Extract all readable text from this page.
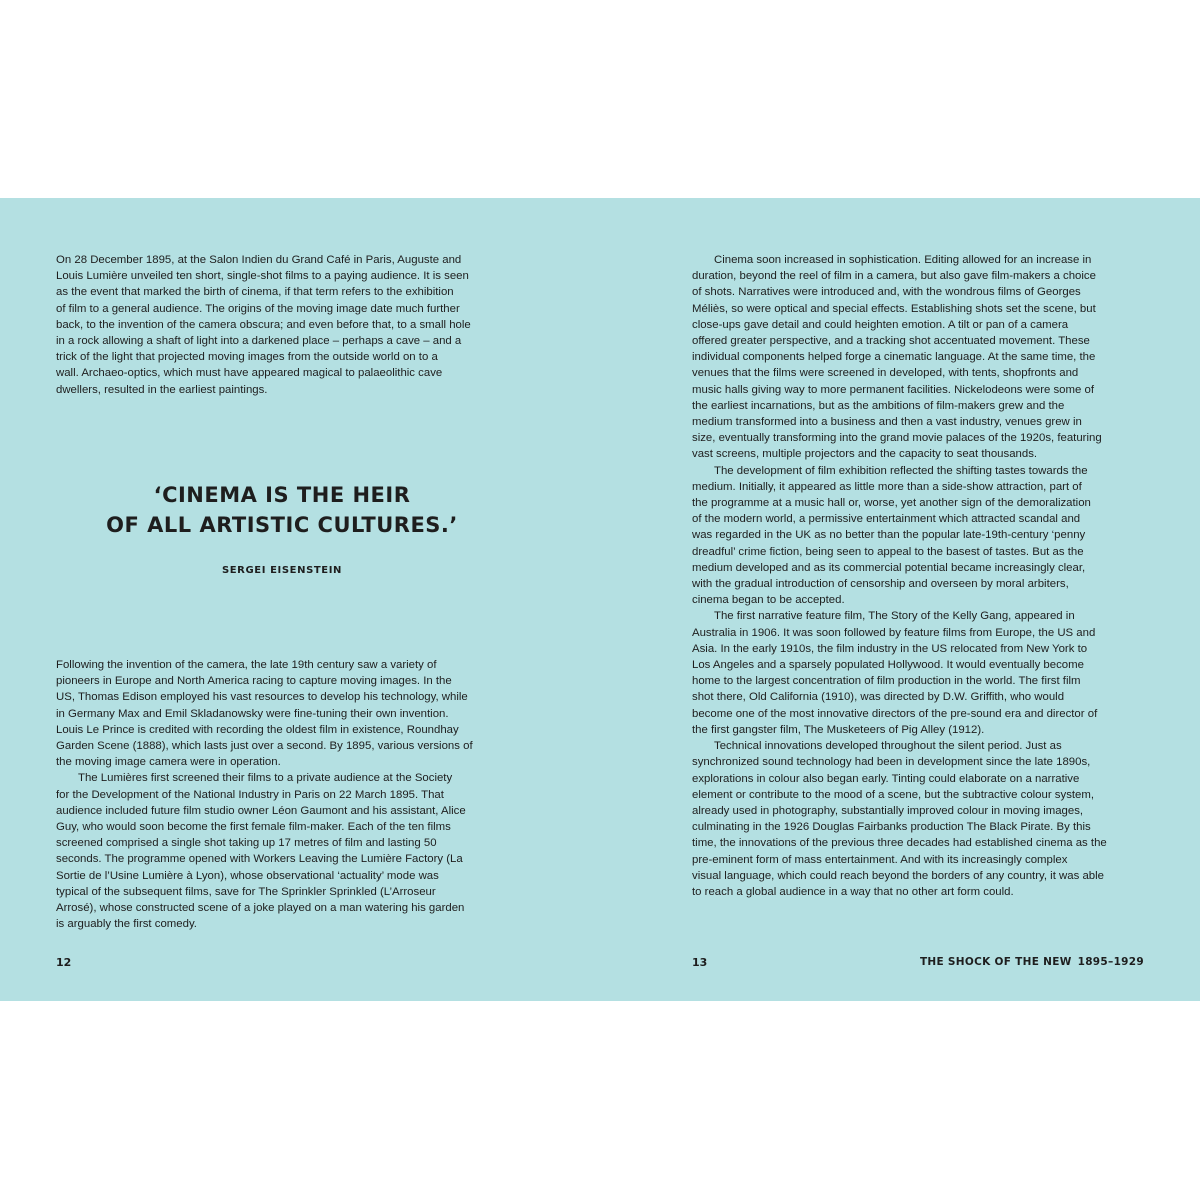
On 28 December 1895, at the Salon Indien du Grand Café in Paris, Auguste and
Louis Lumière unveiled ten short, single-shot films to a paying audience. It is seen
as the event that marked the birth of cinema, if that term refers to the exhibition
of film to a general audience. The origins of the moving image date much further
back, to the invention of the camera obscura; and even before that, to a small hole
in a rock allowing a shaft of light into a darkened place – perhaps a cave – and a
trick of the light that projected moving images from the outside world on to a
wall. Archaeo-optics, which must have appeared magical to palaeolithic cave
dwellers, resulted in the earliest paintings.

‘CINEMA IS THE HEIR
OF ALL ARTISTIC CULTURES.’
SERGEI EISENSTEIN

Following the invention of the camera, the late 19th century saw a variety of
pioneers in Europe and North America racing to capture moving images. In the
US, Thomas Edison employed his vast resources to develop his technology, while
in Germany Max and Emil Skladanowsky were fine-tuning their own invention.
Louis Le Prince is credited with recording the oldest film in existence, Roundhay
Garden Scene (1888), which lasts just over a second. By 1895, various versions of
the moving image camera were in operation.

The Lumières first screened their films to a private audience at the Society
for the Development of the National Industry in Paris on 22 March 1895. That
audience included future film studio owner Léon Gaumont and his assistant, Alice
Guy, who would soon become the first female film-maker. Each of the ten films
screened comprised a single shot taking up 17 metres of film and lasting 50
seconds. The programme opened with Workers Leaving the Lumière Factory (La
Sortie de l’Usine Lumière à Lyon), whose observational ‘actuality’ mode was
typical of the subsequent films, save for The Sprinkler Sprinkled (L’Arroseur
Arrosé), whose constructed scene of a joke played on a man watering his garden
is arguably the first comedy.

12

Cinema soon increased in sophistication. Editing allowed for an increase in
duration, beyond the reel of film in a camera, but also gave film-makers a choice
of shots. Narratives were introduced and, with the wondrous films of Georges
Méliès, so were optical and special effects. Establishing shots set the scene, but
close-ups gave detail and could heighten emotion. A tilt or pan of a camera
offered greater perspective, and a tracking shot accentuated movement. These
individual components helped forge a cinematic language. At the same time, the
venues that the films were screened in developed, with tents, shopfronts and
music halls giving way to more permanent facilities. Nickelodeons were some of
the earliest incarnations, but as the ambitions of film-makers grew and the
medium transformed into a business and then a vast industry, venues grew in
size, eventually transforming into the grand movie palaces of the 1920s, featuring
vast screens, multiple projectors and the capacity to seat thousands.

The development of film exhibition reflected the shifting tastes towards the
medium. Initially, it appeared as little more than a side-show attraction, part of
the programme at a music hall or, worse, yet another sign of the demoralization
of the modern world, a permissive entertainment which attracted scandal and
was regarded in the UK as no better than the popular late-19th-century ‘penny
dreadful’ crime fiction, being seen to appeal to the basest of tastes. But as the
medium developed and as its commercial potential became increasingly clear,
with the gradual introduction of censorship and overseen by moral arbiters,
cinema began to be accepted.

The first narrative feature film, The Story of the Kelly Gang, appeared in
Australia in 1906. It was soon followed by feature films from Europe, the US and
Asia. In the early 1910s, the film industry in the US relocated from New York to
Los Angeles and a sparsely populated Hollywood. It would eventually become
home to the largest concentration of film production in the world. The first film
shot there, Old California (1910), was directed by D.W. Griffith, who would
become one of the most innovative directors of the pre-sound era and director of
the first gangster film, The Musketeers of Pig Alley (1912).

Technical innovations developed throughout the silent period. Just as
synchronized sound technology had been in development since the late 1890s,
explorations in colour also began early. Tinting could elaborate on a narrative
element or contribute to the mood of a scene, but the subtractive colour system,
already used in photography, substantially improved colour in moving images,
culminating in the 1926 Douglas Fairbanks production The Black Pirate. By this
time, the innovations of the previous three decades had established cinema as the
pre-eminent form of mass entertainment. And with its increasingly complex
visual language, which could reach beyond the borders of any country, it was able
to reach a global audience in a way that no other art form could.

13	THE SHOCK OF THE NEW 1895–1929
